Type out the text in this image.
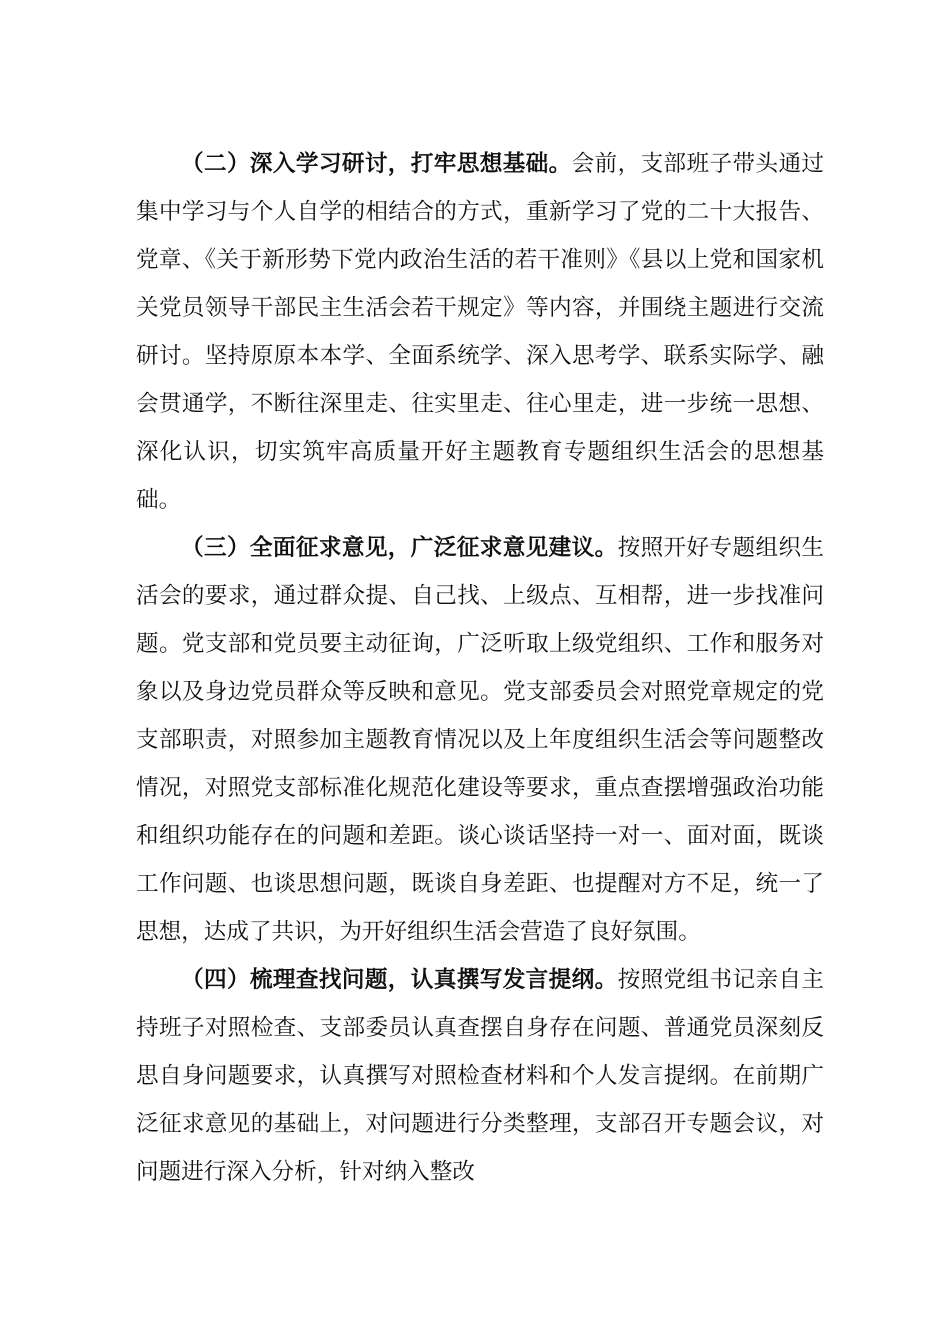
（二）深入学习研讨，打牢思想基础。会前，支部班子带头通过集中学习与个人自学的相结合的方式，重新学习了党的二十大报告、党章、《关于新形势下党内政治生活的若干准则》《县以上党和国家机关党员领导干部民主生活会若干规定》等内容，并围绕主题进行交流研讨。坚持原原本本学、全面系统学、深入思考学、联系实际学、融会贯通学，不断往深里走、往实里走、往心里走，进一步统一思想、深化认识，切实筑牢高质量开好主题教育专题组织生活会的思想基础。

（三）全面征求意见，广泛征求意见建议。按照开好专题组织生活会的要求，通过群众提、自己找、上级点、互相帮，进一步找准问题。党支部和党员要主动征询，广泛听取上级党组织、工作和服务对象以及身边党员群众等反映和意见。党支部委员会对照党章规定的党支部职责，对照参加主题教育情况以及上年度组织生活会等问题整改情况，对照党支部标准化规范化建设等要求，重点查摆增强政治功能和组织功能存在的问题和差距。谈心谈话坚持一对一、面对面，既谈工作问题、也谈思想问题，既谈自身差距、也提醒对方不足，统一了思想，达成了共识，为开好组织生活会营造了良好氛围。

（四）梳理查找问题，认真撰写发言提纲。按照党组书记亲自主持班子对照检查、支部委员认真查摆自身存在问题、普通党员深刻反思自身问题要求，认真撰写对照检查材料和个人发言提纲。在前期广泛征求意见的基础上，对问题进行分类整理，支部召开专题会议，对问题进行深入分析，针对纳入整改
